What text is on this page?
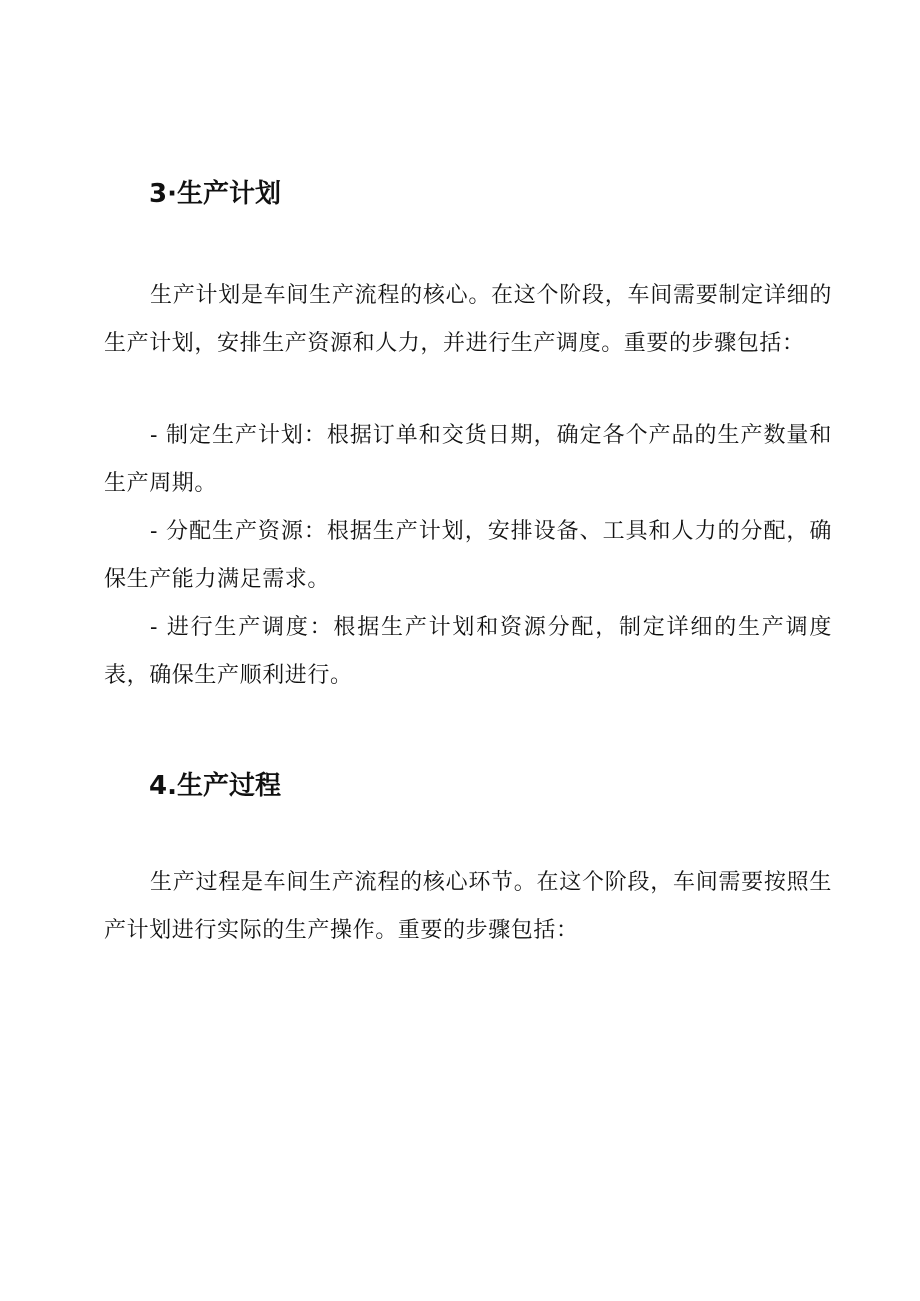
3·生产计划

生产计划是车间生产流程的核心。在这个阶段，车间需要制定详细的生产计划，安排生产资源和人力，并进行生产调度。重要的步骤包括：

- 制定生产计划：根据订单和交货日期，确定各个产品的生产数量和生产周期。

- 分配生产资源：根据生产计划，安排设备、工具和人力的分配，确保生产能力满足需求。

- 进行生产调度：根据生产计划和资源分配，制定详细的生产调度表，确保生产顺利进行。

4.生产过程

生产过程是车间生产流程的核心环节。在这个阶段，车间需要按照生产计划进行实际的生产操作。重要的步骤包括：
